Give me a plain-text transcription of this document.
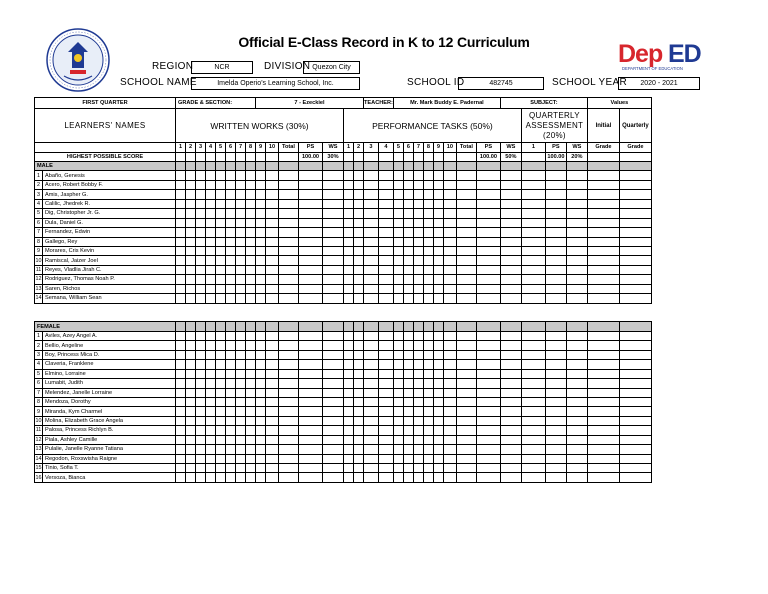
Dep ED
DEPARTMENT OF EDUCATION
Official E-Class Record in K to 12 Curriculum
REGION	NCR	DIVISION Quezon City
SCHOOL NAME	Imelda Operio's Learning School, Inc.	SCHOOL ID	482745	SCHOOL YEAR	2020 - 2021
FIRST QUARTER		GRADE & SECTION:								7 - Ezeckiel							TEACHER:		Mr. Mark Buddy E. Padernal								SUBJECT:				Values	
LEARNERS' NAMES		WRITTEN WORKS (30%)													PERFORMANCE TASKS (50%)													QUARTERLY ASSESSMENT (20%)			Initial	Quarterly
		1	2	3	4	5	6	7	8	9	10	Total	PS	WS	1	2	3	4	5	6	7	8	9	10	Total	PS	WS	1	PS	WS	Grade	Grade
HIGHEST POSSIBLE SCORE													100.00	30%												100.00	50%		100.00	20%		
MALE																																
1	Abaño, Genesis																															
2	Acero, Robert Bobby F.																															
3	Amis, Jaspher G.																															
4	Calilic, Jhedrek R.																															
5	Dig, Christopher Jr. G.																															
6	Dula, Daniel G.																															
7	Fernandez, Edwin																															
8	Gallego, Rey																															
9	Morares, Cris Kevin																															
10	Ramiscal, Jaizer Joel																															
11	Reyes, Vladlia Jirah C.																															
12	Rodriguez, Thomas Noah P.																															
13	Saren, Richos																															
14	Semana, William Sean																															

FEMALE																																
1	Aviles, Azey Angel A.																															
2	Bellio, Angeline																															
3	Boy, Princess Mica D.																															
4	Claveria, Franklene																															
5	Elmino, Lorraine																															
6	Lumabit, Judith																															
7	Melendez, Janelle Lorraine																															
8	Mendoza, Dorothy																															
9	Miranda, Kym Charmel																															
10	Molina, Elizabeth Grace Angela																															
11	Palosa, Princess Richlyn B.																															
12	Piala, Ashley Camille																															
13	Pulalie, Janelle Ryanne Tatiana																															
14	Regodon, Roxswisha Raigne																															
15	Tinio, Sofia T.																															
16	Versoza, Bianca																															
